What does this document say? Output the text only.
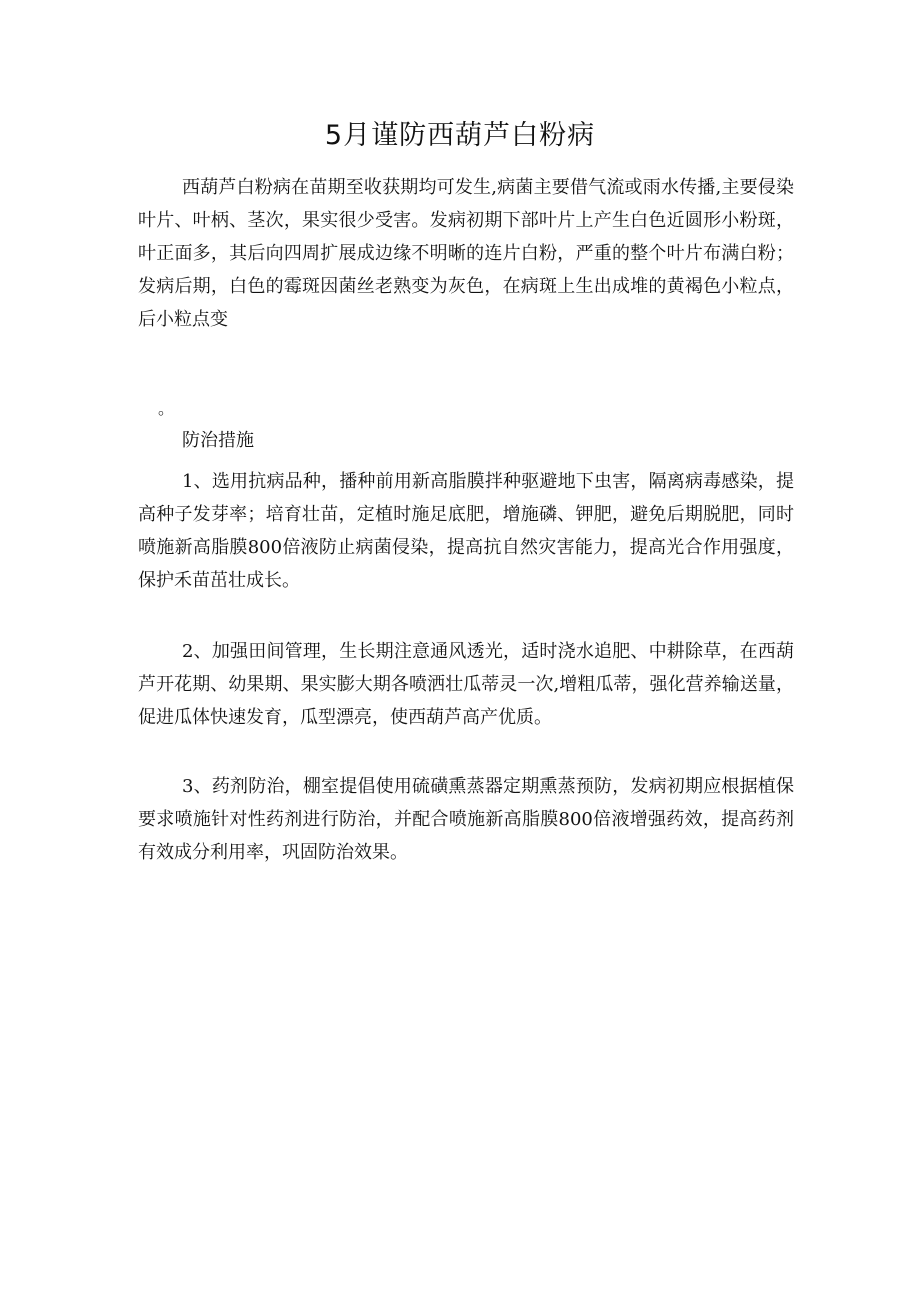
5月谨防西葫芦白粉病

西葫芦白粉病在苗期至收获期均可发生,病菌主要借气流或雨水传播,主要侵染叶片、叶柄、茎次，果实很少受害。发病初期下部叶片上产生白色近圆形小粉斑，叶正面多，其后向四周扩展成边缘不明晰的连片白粉，严重的整个叶片布满白粉；发病后期，白色的霉斑因菌丝老熟变为灰色，在病斑上生出成堆的黄褐色小粒点，后小粒点变

。

防治措施

1、选用抗病品种，播种前用新高脂膜拌种驱避地下虫害，隔离病毒感染，提高种子发芽率；培育壮苗，定植时施足底肥，增施磷、钾肥，避免后期脱肥，同时喷施新高脂膜800倍液防止病菌侵染，提高抗自然灾害能力，提高光合作用强度，保护禾苗茁壮成长。

2、加强田间管理，生长期注意通风透光，适时浇水追肥、中耕除草，在西葫芦开花期、幼果期、果实膨大期各喷洒壮瓜蒂灵一次,增粗瓜蒂，强化营养输送量，促进瓜体快速发育，瓜型漂亮，使西葫芦高产优质。

3、药剂防治，棚室提倡使用硫磺熏蒸器定期熏蒸预防，发病初期应根据植保要求喷施针对性药剂进行防治，并配合喷施新高脂膜800倍液增强药效，提高药剂有效成分利用率，巩固防治效果。
